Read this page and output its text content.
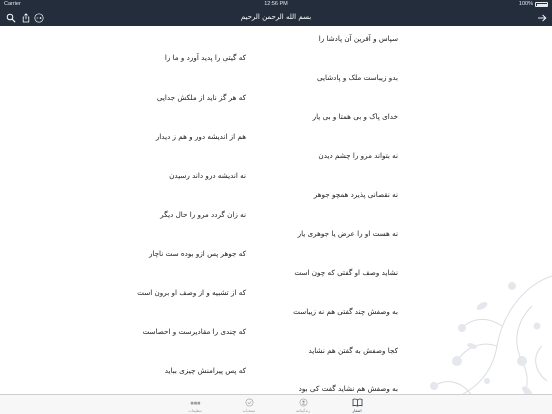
Carrier	12:56 PM	100%
بسم الله الرحمن الرحيم
سپاس و آفرین آن پادشا را
که گیتی را پدید آورد و ما را
بدو زیباست ملک و پادشایی
که هر گز ناید از ملکش جدایی
خدای پاک و بی همتا و بی یار
هم از اندیشه دور و هم ز دیدار
نه بتواند مرو را چشم دیدن
نه اندیشه درو داند رسیدن
نه نقصانی پذیرد همچو جوهر
نه زان گردد مرو را حال دیگر
نه هست او را عرض یا جوهری یار
که جوهر پس ازو بوده ست ناچار
نشاید وصف او گفتی که چون است
که از تشبیه و از وصف او برون است
به وصفش چند گفتی هم نه زیباست
که چندی را مقادیرست و احصاست
کجا وصفش به گفتن هم نشاید
که پس پیرامنش چیزی بباید
به وصفش هم نشاید گفت کی بود
■■■
تنظیمات	منتخبات	زندگینامه	اشعار
